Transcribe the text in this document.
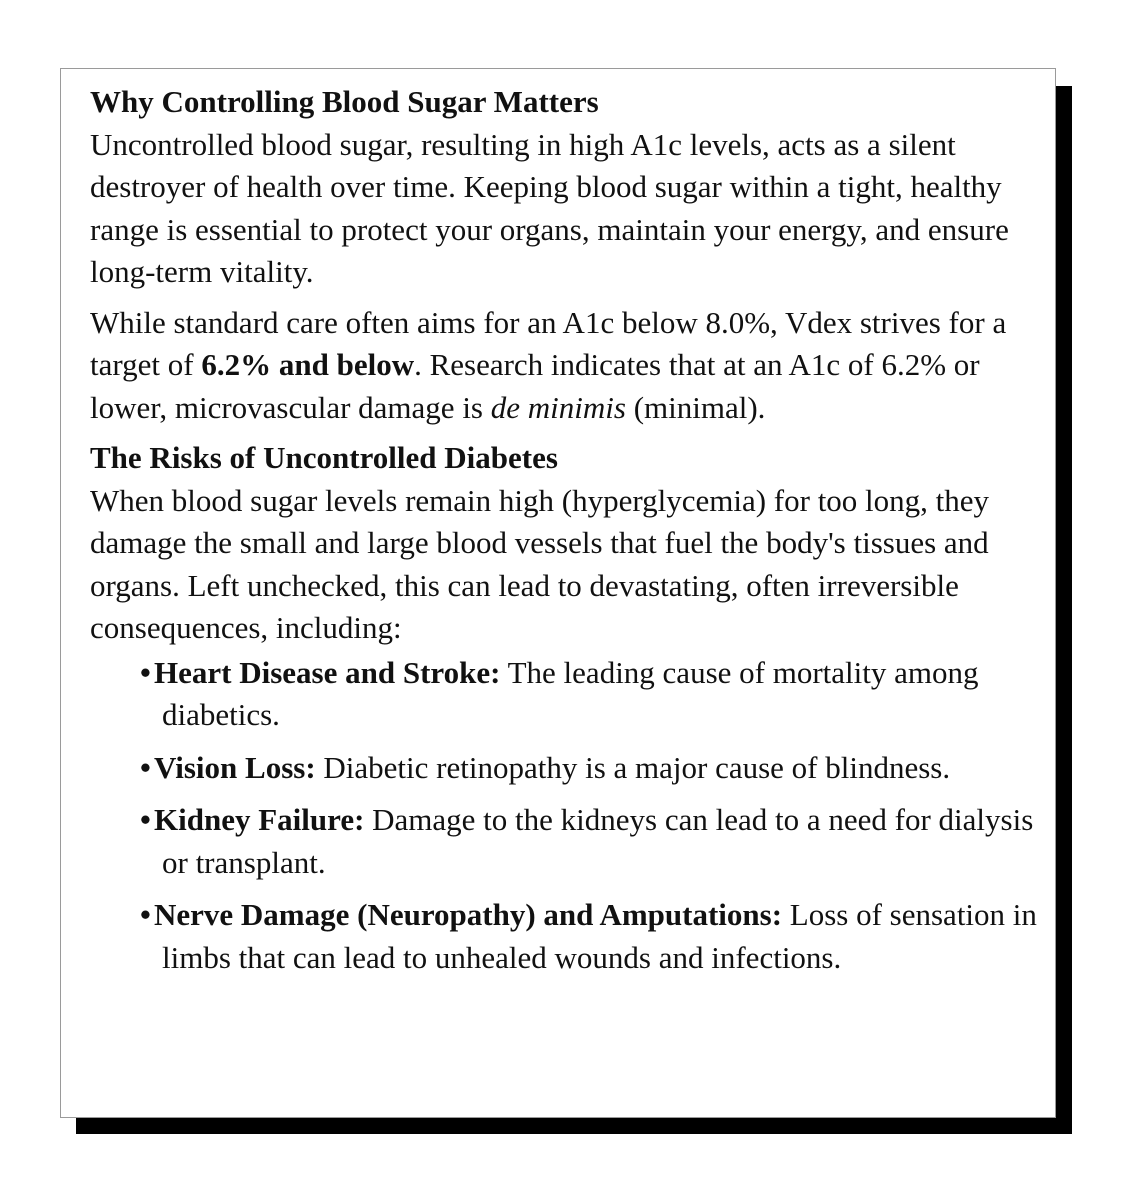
Why Controlling Blood Sugar Matters

Uncontrolled blood sugar, resulting in high A1c levels, acts as a silent destroyer of health over time. Keeping blood sugar within a tight, healthy range is essential to protect your organs, maintain your energy, and ensure long-term vitality.

While standard care often aims for an A1c below 8.0%, Vdex strives for a target of 6.2% and below. Research indicates that at an A1c of 6.2% or lower, microvascular damage is de minimis (minimal).

The Risks of Uncontrolled Diabetes

When blood sugar levels remain high (hyperglycemia) for too long, they damage the small and large blood vessels that fuel the body's tissues and organs. Left unchecked, this can lead to devastating, often irreversible consequences, including:

• Heart Disease and Stroke: The leading cause of mortality among diabetics.
• Vision Loss: Diabetic retinopathy is a major cause of blindness.
• Kidney Failure: Damage to the kidneys can lead to a need for dialysis or transplant.
• Nerve Damage (Neuropathy) and Amputations: Loss of sensation in limbs that can lead to unhealed wounds and infections.
